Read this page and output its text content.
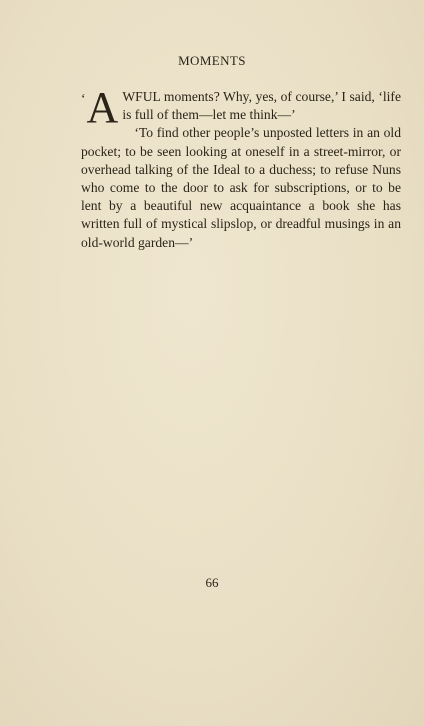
MOMENTS

‘ A WFUL moments? Why, yes, of course,’ I said, ‘life is full of them—let me think—’

‘To find other people’s unposted letters in an old pocket; to be seen looking at oneself in a street-mirror, or overhead talking of the Ideal to a duchess; to refuse Nuns who come to the door to ask for subscriptions, or to be lent by a beautiful new acquaintance a book she has written full of mystical slipslop, or dreadful musings in an old-world garden—’

66
